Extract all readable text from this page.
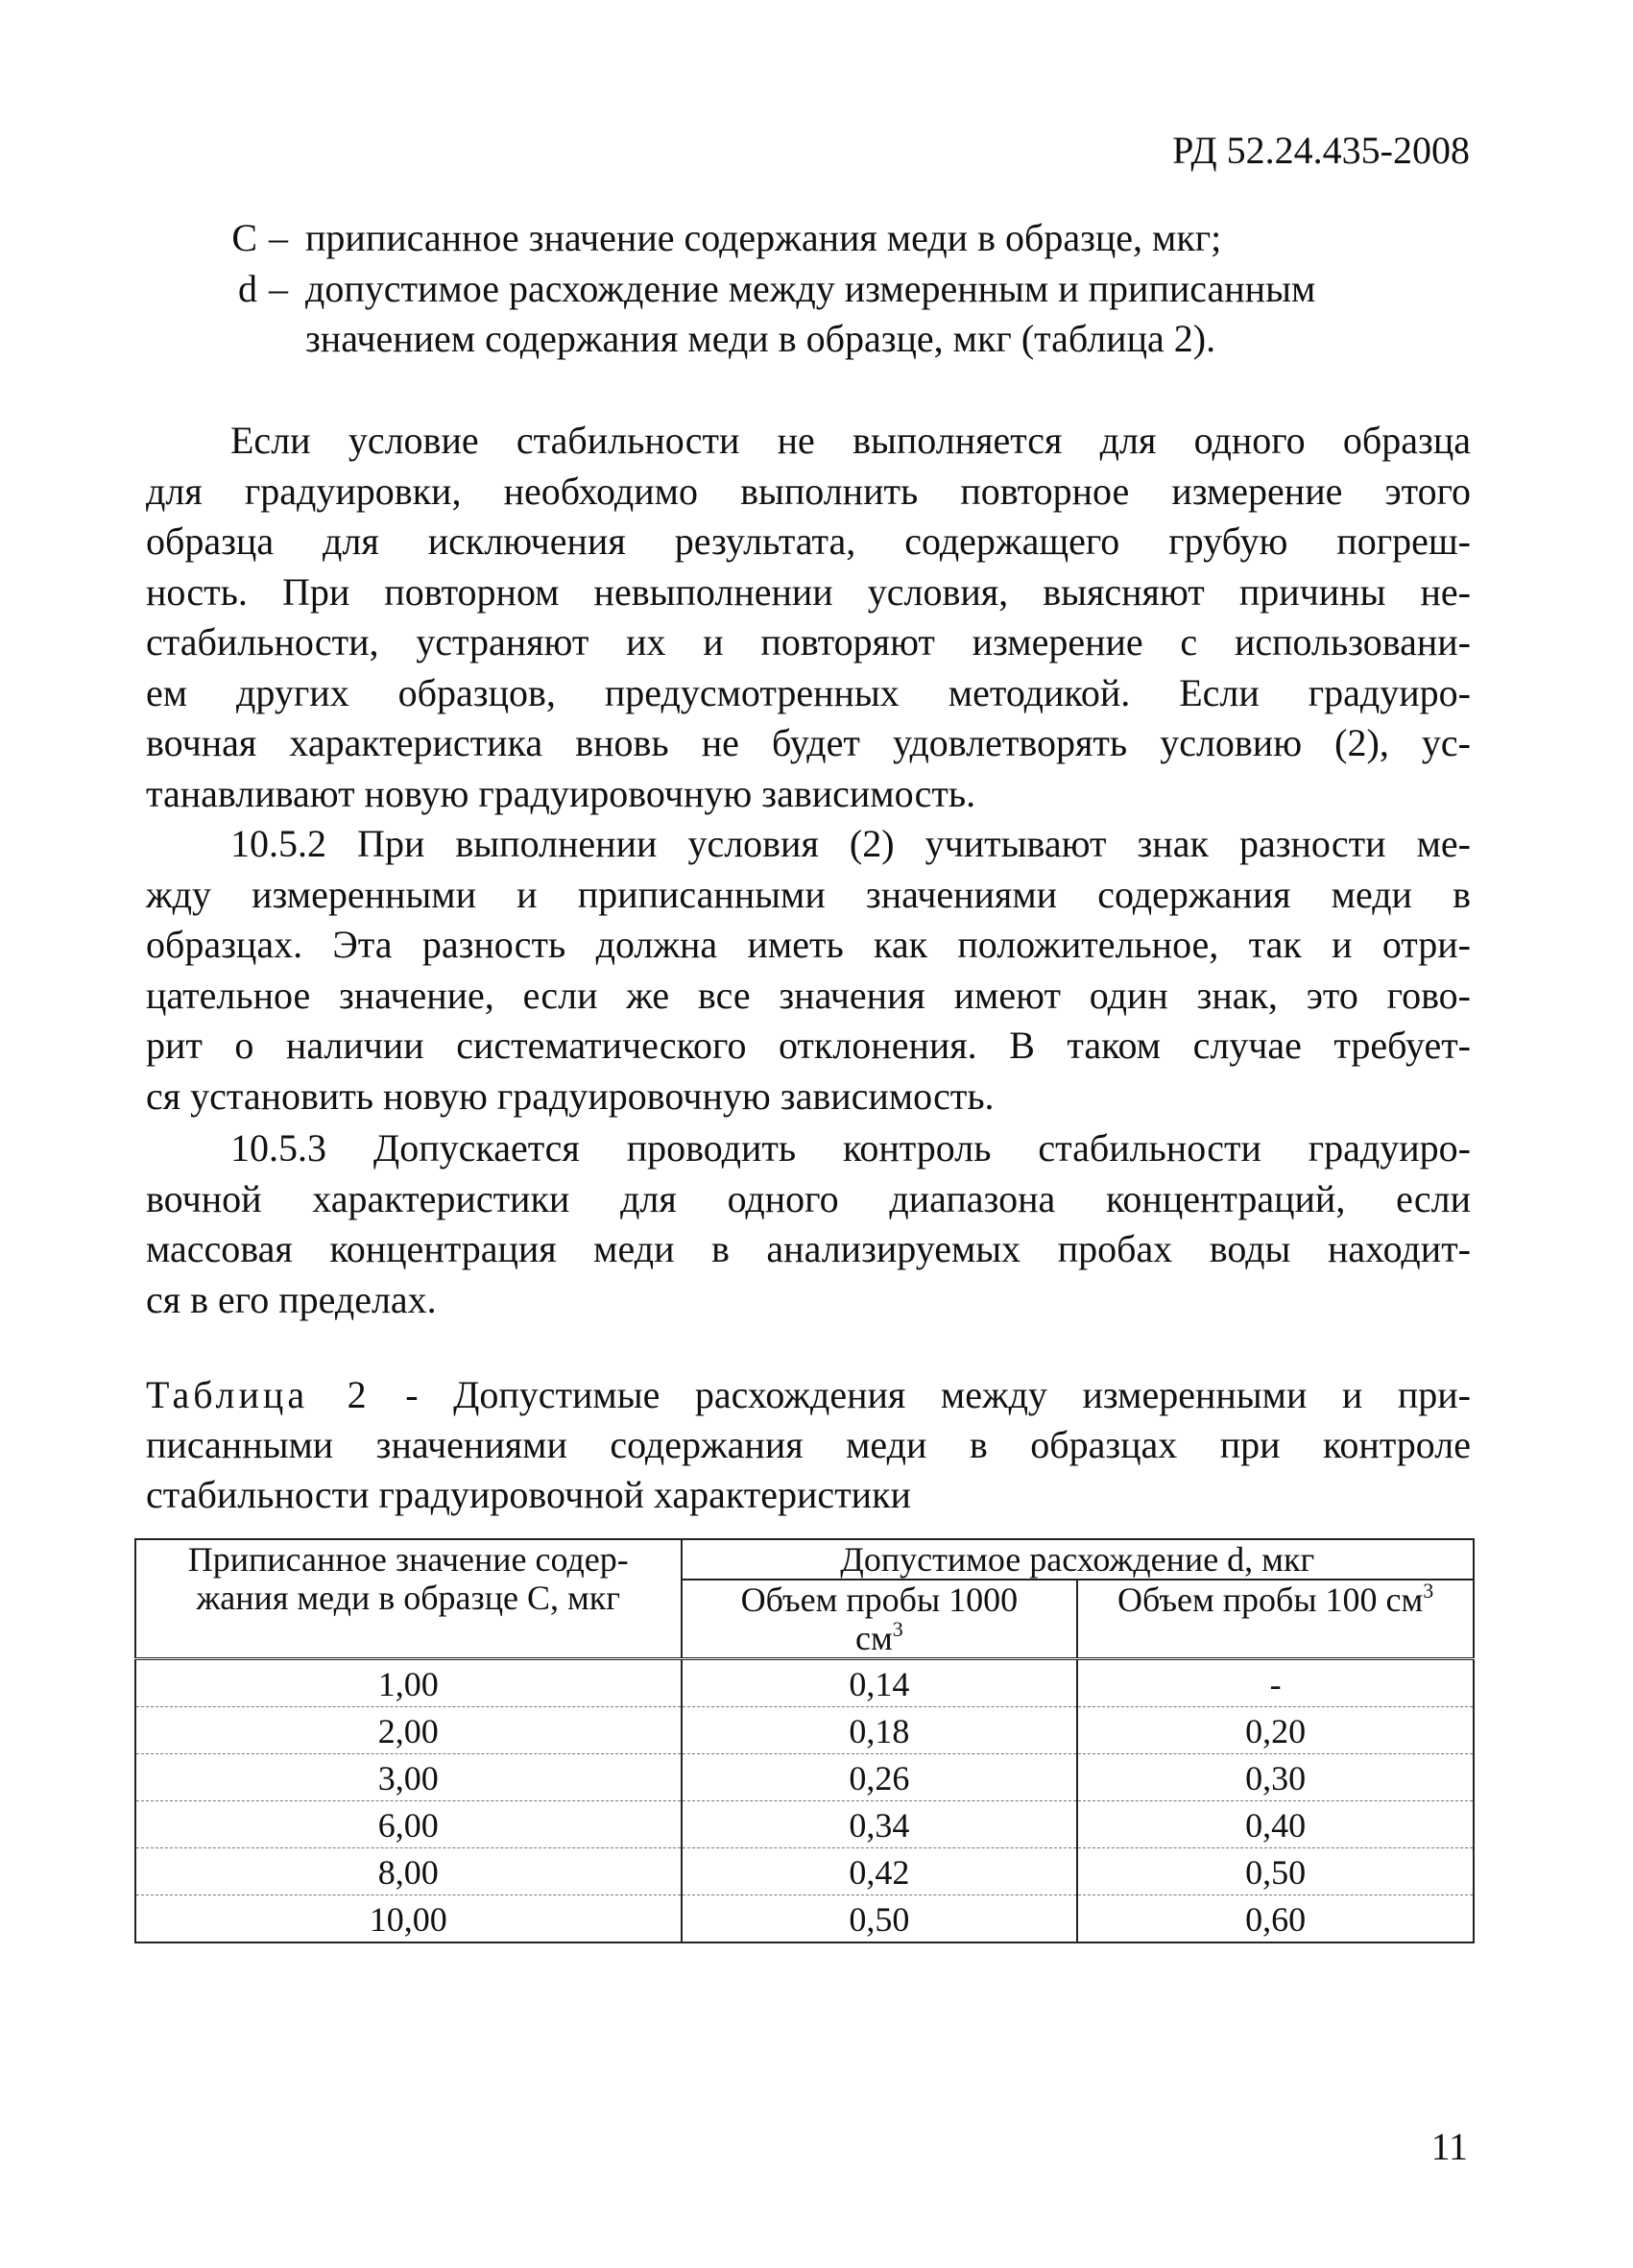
РД 52.24.435-2008
С – приписанное значение содержания меди в образце, мкг;
d – допустимое расхождение между измеренным и приписанным
значением содержания меди в образце, мкг (таблица 2).
Если условие стабильности не выполняется для одного образца
для градуировки, необходимо выполнить повторное измерение этого
образца для исключения результата, содержащего грубую погреш-
ность. При повторном невыполнении условия, выясняют причины не-
стабильности, устраняют их и повторяют измерение с использовани-
ем других образцов, предусмотренных методикой. Если градуиро-
вочная характеристика вновь не будет удовлетворять условию (2), ус-
танавливают новую градуировочную зависимость.
10.5.2 При выполнении условия (2) учитывают знак разности ме-
жду измеренными и приписанными значениями содержания меди в
образцах. Эта разность должна иметь как положительное, так и отри-
цательное значение, если же все значения имеют один знак, это гово-
рит о наличии систематического отклонения. В таком случае требует-
ся установить новую градуировочную зависимость.
10.5.3 Допускается проводить контроль стабильности градуиро-
вочной характеристики для одного диапазона концентраций, если
массовая концентрация меди в анализируемых пробах воды находит-
ся в его пределах.
Таблица 2 - Допустимые расхождения между измеренными и при-
писанными значениями содержания меди в образцах при контроле
стабильности градуировочной характеристики
Приписанное значение содер-
жания меди в образце С, мкг	Допустимое расхождение d, мкг	

	Объем пробы 1000
$см^3$	Объем пробы 100 $см^3$
1,00	0,14	-
2,00	0,18	0,20
3,00	0,26	0,30
6,00	0,34	0,40
8,00	0,42	0,50
10,00	0,50	0,60
11
